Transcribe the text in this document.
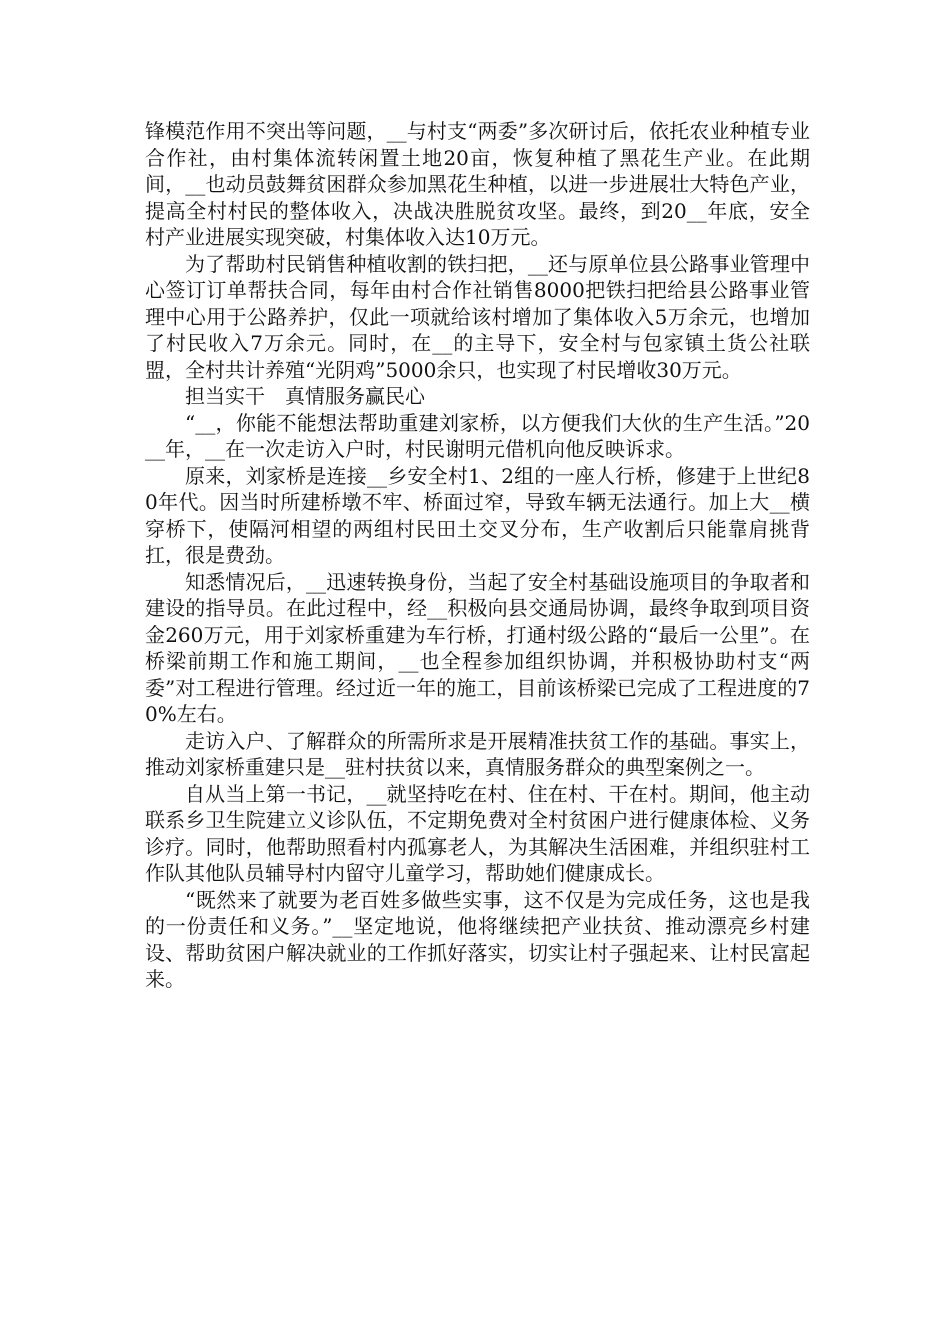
锋模范作用不突出等问题，__与村支“两委”多次研讨后，依托农业种植专业合作社，由村集体流转闲置土地20亩，恢复种植了黑花生产业。在此期间，__也动员鼓舞贫困群众参加黑花生种植，以进一步进展壮大特色产业，提高全村村民的整体收入，决战决胜脱贫攻坚。最终，到20__年底，安全村产业进展实现突破，村集体收入达10万元。

为了帮助村民销售种植收割的铁扫把，__还与原单位县公路事业管理中心签订订单帮扶合同，每年由村合作社销售8000把铁扫把给县公路事业管理中心用于公路养护，仅此一项就给该村增加了集体收入5万余元，也增加了村民收入7万余元。同时，在__的主导下，安全村与包家镇土货公社联盟，全村共计养殖“光阴鸡”5000余只，也实现了村民增收30万元。

担当实干　真情服务赢民心

“__，你能不能想法帮助重建刘家桥，以方便我们大伙的生产生活。”20__年，__在一次走访入户时，村民谢明元借机向他反映诉求。

原来，刘家桥是连接__乡安全村1、2组的一座人行桥，修建于上世纪80年代。因当时所建桥墩不牢、桥面过窄，导致车辆无法通行。加上大__横穿桥下，使隔河相望的两组村民田土交叉分布，生产收割后只能靠肩挑背扛，很是费劲。

知悉情况后，__迅速转换身份，当起了安全村基础设施项目的争取者和建设的指导员。在此过程中，经__积极向县交通局协调，最终争取到项目资金260万元，用于刘家桥重建为车行桥，打通村级公路的“最后一公里”。在桥梁前期工作和施工期间，__也全程参加组织协调，并积极协助村支“两委”对工程进行管理。经过近一年的施工，目前该桥梁已完成了工程进度的70%左右。

走访入户、了解群众的所需所求是开展精准扶贫工作的基础。事实上，推动刘家桥重建只是__驻村扶贫以来，真情服务群众的典型案例之一。

自从当上第一书记，__就坚持吃在村、住在村、干在村。期间，他主动联系乡卫生院建立义诊队伍，不定期免费对全村贫困户进行健康体检、义务诊疗。同时，他帮助照看村内孤寡老人，为其解决生活困难，并组织驻村工作队其他队员辅导村内留守儿童学习，帮助她们健康成长。

“既然来了就要为老百姓多做些实事，这不仅是为完成任务，这也是我的一份责任和义务。”__坚定地说，他将继续把产业扶贫、推动漂亮乡村建设、帮助贫困户解决就业的工作抓好落实，切实让村子强起来、让村民富起来。
